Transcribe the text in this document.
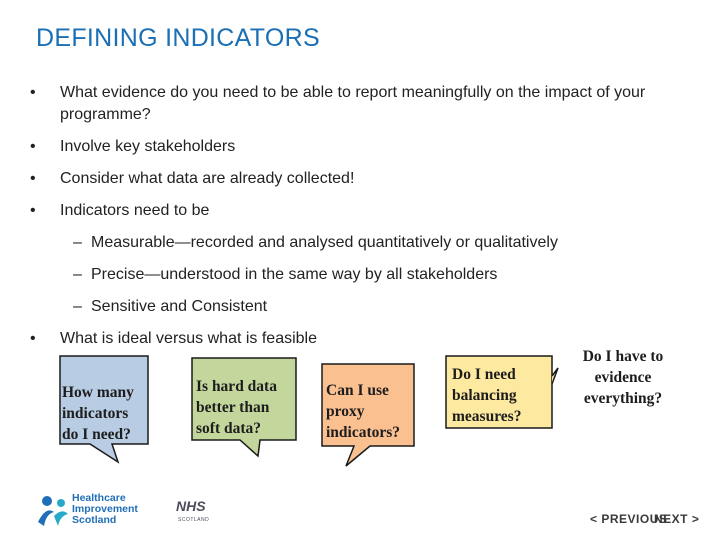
DEFINING INDICATORS
•	What evidence do you need to be able to report meaningfully on the impact of your programme?
•	Involve key stakeholders
•	Consider what data are already collected!
•	Indicators need to be
– Measurable—recorded and analysed quantitatively or qualitatively
– Precise—understood in the same way by all stakeholders
– Sensitive and Consistent
•	What is ideal versus what is feasible
How many
indicators
do I need?
Is hard data
better than
soft data?
Can I use
proxy
indicators?
Do I need
balancing
measures?
Do I have to
evidence
everything?
Healthcare
Improvement
Scotland
NHS
SCOTLAND	< PREVIOUS
NEXT >
